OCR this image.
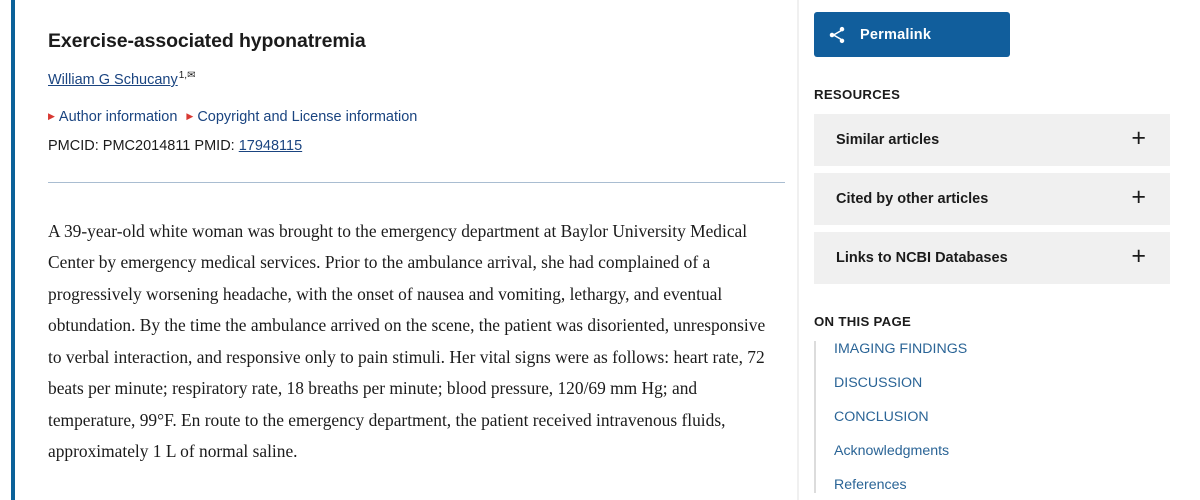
Exercise-associated hyponatremia
William G Schucany$^{1,✉}$
▶ Author information ▶ Copyright and License information
PMCID: PMC2014811 PMID: 17948115

A 39-year-old white woman was brought to the emergency department at Baylor University Medical Center by emergency medical services. Prior to the ambulance arrival, she had complained of a progressively worsening headache, with the onset of nausea and vomiting, lethargy, and eventual obtundation. By the time the ambulance arrived on the scene, the patient was disoriented, unresponsive to verbal interaction, and responsive only to pain stimuli. Her vital signs were as follows: heart rate, 72 beats per minute; respiratory rate, 18 breaths per minute; blood pressure, 120/69 mm Hg; and temperature, 99°F. En route to the emergency department, the patient received intravenous fluids, approximately 1 L of normal saline.

Permalink
RESOURCES
Similar articles	+
Cited by other articles	+
Links to NCBI Databases	+
ON THIS PAGE
IMAGING FINDINGS
DISCUSSION
CONCLUSION
Acknowledgments
References
